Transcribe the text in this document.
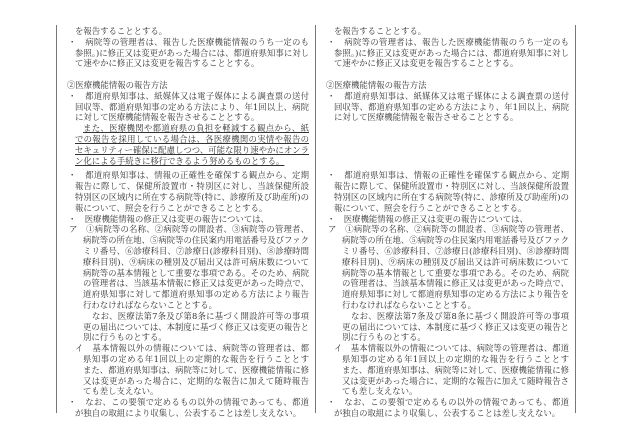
を報告することとする。
・　病院等の管理者は、報告した医療機能情報のうち一定のも
参照。)に修正又は変更があった場合には、都道府県知事に対し
て速やかに修正又は変更を報告することとする。
②医療機能情報の報告方法
・　都道府県知事は、紙媒体又は電子媒体による調査票の送付
回収等、都道府県知事の定める方法により、年1回以上、病院
に対して医療機能情報を報告させることとする。
また、医療機関や都道府県の負担を軽減する観点から、紙
での報告を採用している場合は、各医療機関の実情や報告の
セキュリティー確保に配慮しつつ、可能な限り速やかにオンラ
ン化による手続きに移行できるよう努めるものとする。
・　都道府県知事は、情報の正確性を確保する観点から、定期
報告に際して、保健所設置市・特別区に対し、当該保健所設
特別区の区域内に所在する病院等(特に、診療所及び助産所)の
報について、照会を行うことができることとする。
・　医療機能情報の修正又は変更の報告については、
ア　①病院等の名称、②病院等の開設者、③病院等の管理者、
病院等の所在地、⑤病院等の住民案内用電話番号及びファク
ミリ番号、⑥診療科目、⑦診療日(診療科目別)、⑧診療時間
療科目別)、⑨病床の種別及び届出又は許可病床数について
病院等の基本情報として重要な事項である。そのため、病院
の管理者は、当該基本情報に修正又は変更があった時点で、
道府県知事に対して都道府県知事の定める方法により報告
行わなければならないこととする。
なお、医療法第7条及び第8条に基づく開設許可等の事項
更の届出については、本制度に基づく修正又は変更の報告と
別に行うものとする。
イ　基本情報以外の情報については、病院等の管理者は、都
県知事の定める年1回以上の定期的な報告を行うこととす
また、都道府県知事は、病院等に対して、医療機能情報に修
又は変更があった場合に、定期的な報告に加えて随時報告
ても差し支えない。
・　なお、この要領で定めるもの以外の情報であっても、都道
が独自の取組により収集し、公表することは差し支えない。
を報告することとする。
・　病院等の管理者は、報告した医療機能情報のうち一定のも
参照。)に修正又は変更があった場合には、都道府県知事に対し
て速やかに修正又は変更を報告することとする。
②医療機能情報の報告方法
・　都道府県知事は、紙媒体又は電子媒体による調査票の送付
回収等、都道府県知事の定める方法により、年1回以上、病院
に対して医療機能情報を報告させることとする。
・　都道府県知事は、情報の正確性を確保する観点から、定期
報告に際して、保健所設置市・特別区に対し、当該保健所設置
特別区の区域内に所在する病院等(特に、診療所及び助産所)の
報について、照会を行うことができることとする。
・　医療機能情報の修正又は変更の報告については、
ア　①病院等の名称、②病院等の開設者、③病院等の管理者、
病院等の所在地、⑤病院等の住民案内用電話番号及びファク
ミリ番号、⑥診療科目、⑦診療日(診療科目別)、⑧診療時間
療科目別)、⑨病床の種別及び届出又は許可病床数について
病院等の基本情報として重要な事項である。そのため、病院
の管理者は、当該基本情報に修正又は変更があった時点で、
道府県知事に対して都道府県知事の定める方法により報告を
行わなければならないこととする。
なお、医療法第7条及び第8条に基づく開設許可等の事項
更の届出については、本制度に基づく修正又は変更の報告と
別に行うものとする。
イ　基本情報以外の情報については、病院等の管理者は、都道
県知事の定める年1回以上の定期的な報告を行うこととす
また、都道府県知事は、病院等に対して、医療機能情報に修
又は変更があった場合に、定期的な報告に加えて随時報告さ
ても差し支えない。
・　なお、この要領で定めるもの以外の情報であっても、都道
が独自の取組により収集し、公表することは差し支えない。
